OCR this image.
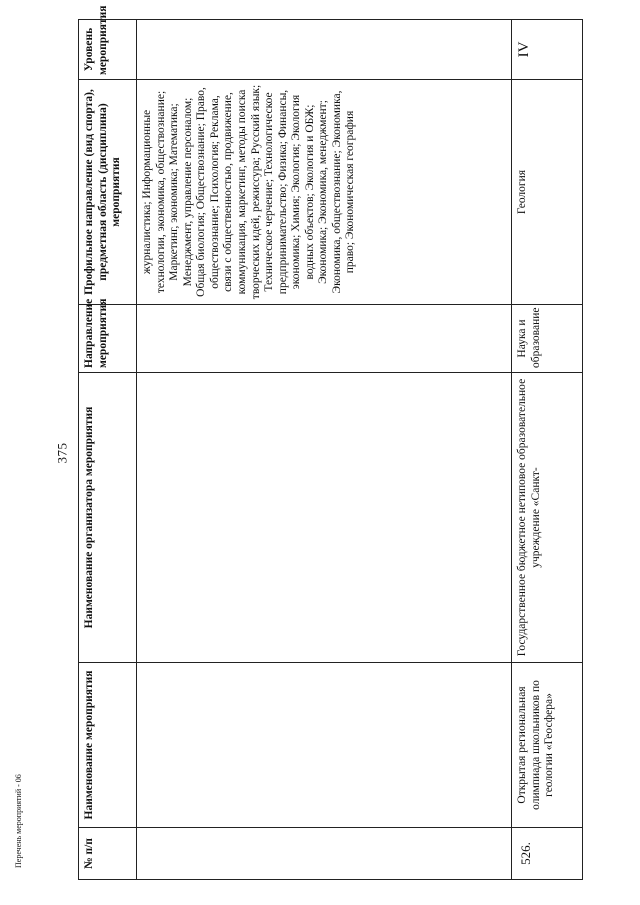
375
№ п/п	Наименование мероприятия	Наименование организатора мероприятия	Направление мероприятия	Профильное направление (вид спорта), предметная область (дисциплина) мероприятия	Уровень мероприятия
				журналистика; Информационные технологии, экономика, обществознание; Маркетинг, экономика; Математика; Менеджмент, управление персоналом; Общая биология; Обществознание; Право, обществознание; Психология; Реклама, связи с общественностью, продвижение, коммуникация, маркетинг, методы поиска творческих идей, режиссура; Русский язык; Техническое черчение; Технологическое предпринимательство; Физика; Финансы, экономика; Химия; Экология; Экология водных объектов; Экология и ОБЖ; Экономика; Экономика, менеджмент; Экономика, обществознание; Экономика, право; Экономическая география	
526.	Открытая региональная олимпиада школьников по геологии «Геосфера»	Государственное бюджетное нетиповое образовательное учреждение «Санкт-	Наука и образование	Геология	IV
Перечень мероприятий - 06
